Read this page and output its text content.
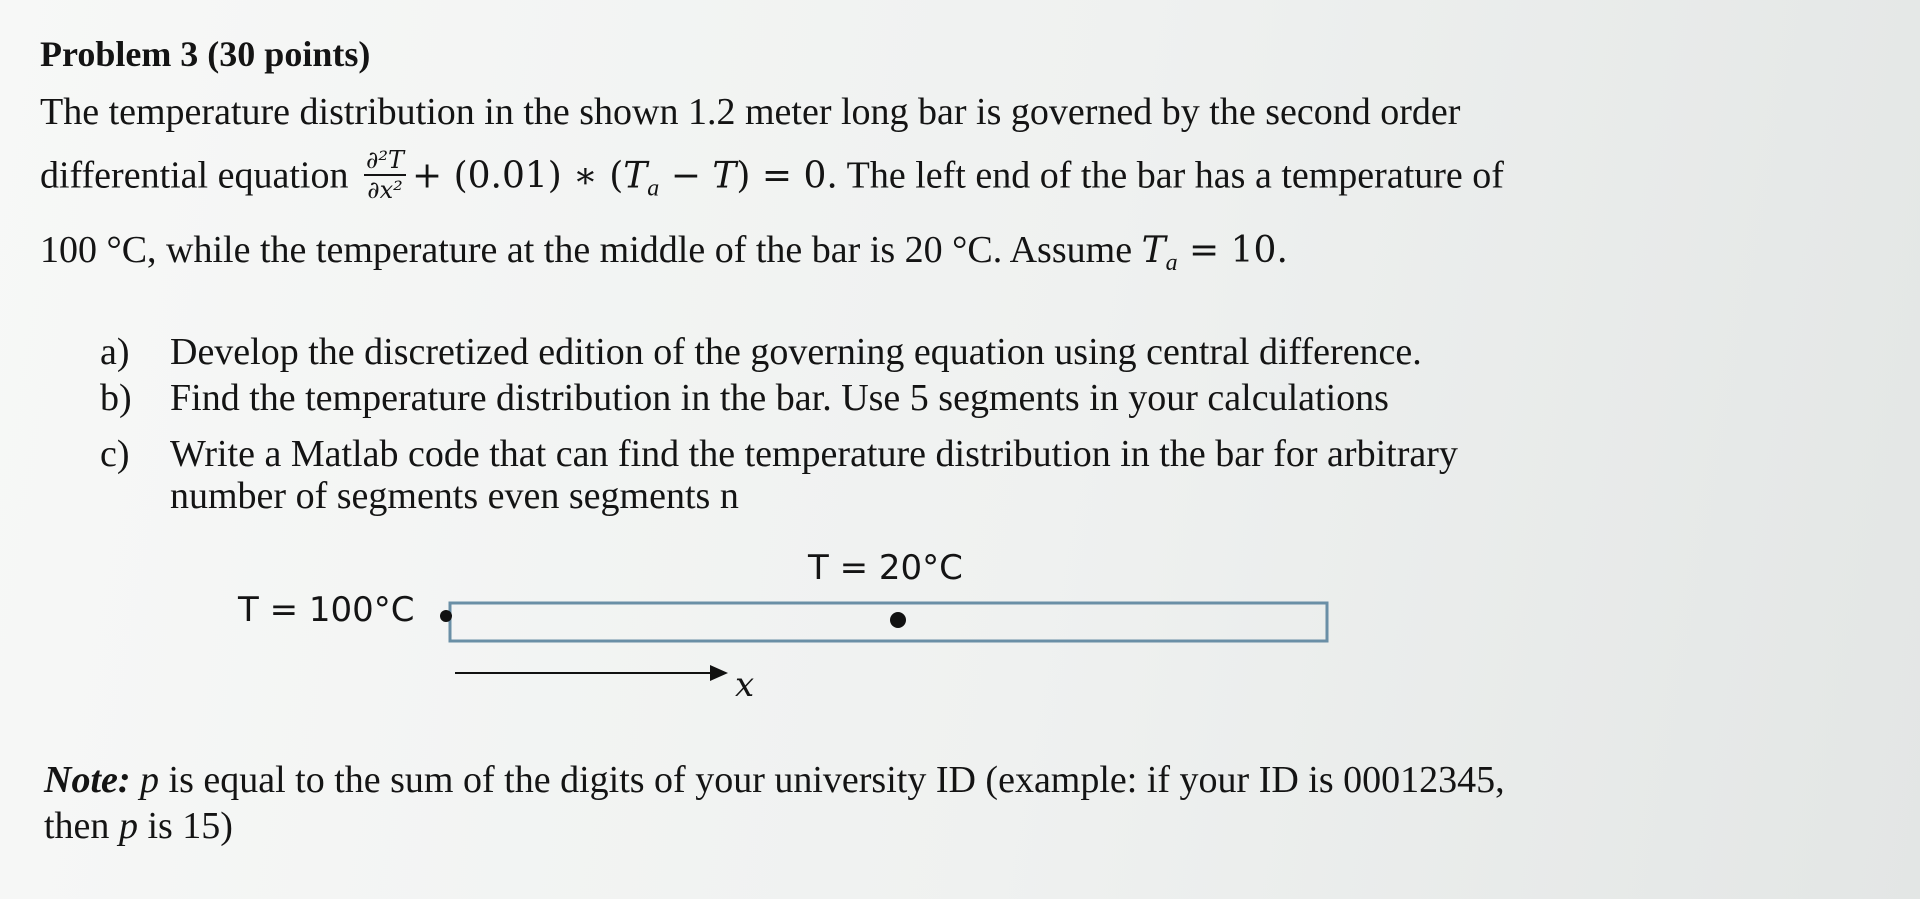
Problem 3 (30 points)
The temperature distribution in the shown 1.2 meter long bar is governed by the second order
differential equation $\frac{\text{∂²T}}{\text{∂x²}} + (0.01)$ ∗ $(T_a - T) = 0$. The left end of the bar has a temperature of
100 °C, while the temperature at the middle of the bar is 20 °C. Assume $T_a = 10$.
a) Develop the discretized edition of the governing equation using central difference.
b) Find the temperature distribution in the bar. Use 5 segments in your calculations
c) Write a Matlab code that can find the temperature distribution in the bar for arbitrary
number of segments even segments n
T = 20°C
T = 100°C
x
Note: p is equal to the sum of the digits of your university ID (example: if your ID is 00012345,
then p is 15)
